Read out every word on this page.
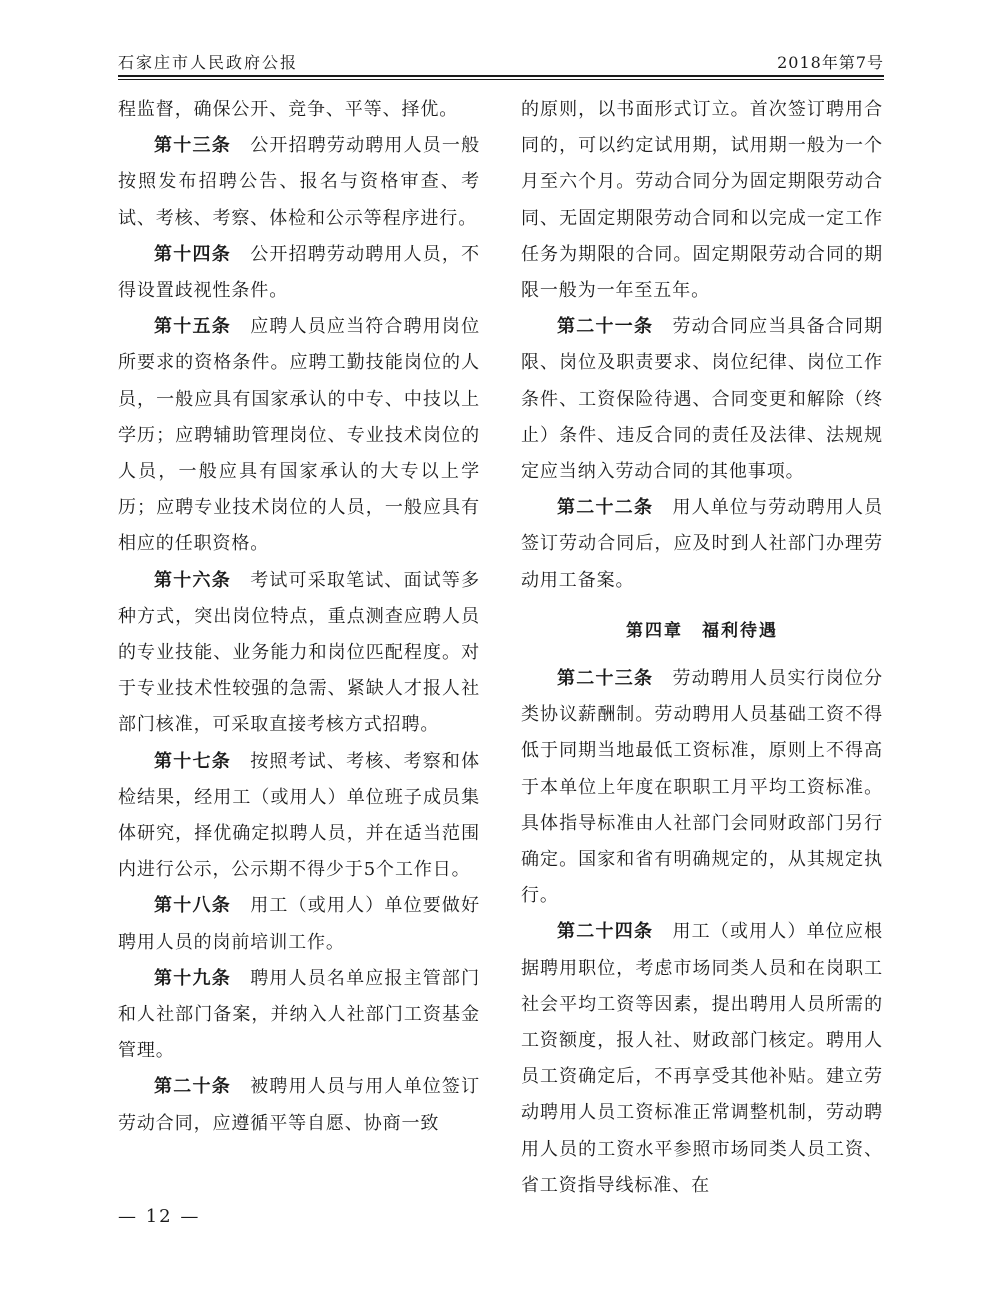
石家庄市人民政府公报	2018年第7号

程监督，确保公开、竞争、平等、择优。

第十三条　 公开招聘劳动聘用人员一般按照发布招聘公告、报名与资格审查、考试、考核、考察、体检和公示等程序进行。

第十四条　 公开招聘劳动聘用人员，不得设置歧视性条件。

第十五条　 应聘人员应当符合聘用岗位所要求的资格条件。应聘工勤技能岗位的人员，一般应具有国家承认的中专、中技以上学历；应聘辅助管理岗位、专业技术岗位的人员，一般应具有国家承认的大专以上学历；应聘专业技术岗位的人员，一般应具有相应的任职资格。

第十六条　 考试可采取笔试、面试等多种方式，突出岗位特点，重点测查应聘人员的专业技能、业务能力和岗位匹配程度。对于专业技术性较强的急需、紧缺人才报人社部门核准，可采取直接考核方式招聘。

第十七条　 按照考试、考核、考察和体检结果，经用工（或用人）单位班子成员集体研究，择优确定拟聘人员，并在适当范围内进行公示，公示期不得少于5个工作日。

第十八条　 用工（或用人）单位要做好聘用人员的岗前培训工作。

第十九条　 聘用人员名单应报主管部门和人社部门备案，并纳入人社部门工资基金管理。

第二十条　 被聘用人员与用人单位签订劳动合同，应遵循平等自愿、协商一致

的原则，以书面形式订立。首次签订聘用合同的，可以约定试用期，试用期一般为一个月至六个月。劳动合同分为固定期限劳动合同、无固定期限劳动合同和以完成一定工作任务为期限的合同。固定期限劳动合同的期限一般为一年至五年。

第二十一条　 劳动合同应当具备合同期限、岗位及职责要求、岗位纪律、岗位工作条件、工资保险待遇、合同变更和解除（终止）条件、违反合同的责任及法律、法规规定应当纳入劳动合同的其他事项。

第二十二条　 用人单位与劳动聘用人员签订劳动合同后，应及时到人社部门办理劳动用工备案。

第四章　福利待遇

第二十三条　 劳动聘用人员实行岗位分类协议薪酬制。劳动聘用人员基础工资不得低于同期当地最低工资标准，原则上不得高于本单位上年度在职职工月平均工资标准。具体指导标准由人社部门会同财政部门另行确定。国家和省有明确规定的，从其规定执行。

第二十四条　 用工（或用人）单位应根据聘用职位，考虑市场同类人员和在岗职工社会平均工资等因素，提出聘用人员所需的工资额度，报人社、财政部门核定。聘用人员工资确定后，不再享受其他补贴。建立劳动聘用人员工资标准正常调整机制，劳动聘用人员的工资水平参照市场同类人员工资、省工资指导线标准、在

— 12 —
